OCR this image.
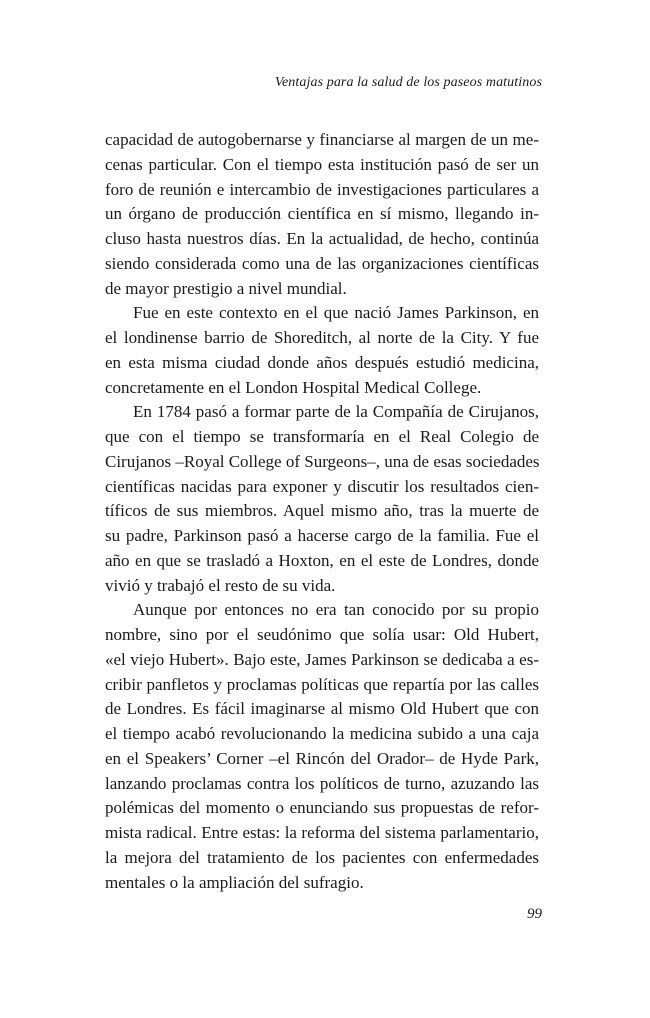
Ventajas para la salud de los paseos matutinos

capacidad de autogobernarse y financiarse al margen de un me-
cenas particular. Con el tiempo esta institución pasó de ser un
foro de reunión e intercambio de investigaciones particulares a
un órgano de producción científica en sí mismo, llegando in-
cluso hasta nuestros días. En la actualidad, de hecho, continúa
siendo considerada como una de las organizaciones científicas
de mayor prestigio a nivel mundial.

Fue en este contexto en el que nació James Parkinson, en
el londinense barrio de Shoreditch, al norte de la City. Y fue
en esta misma ciudad donde años después estudió medicina,
concretamente en el London Hospital Medical College.

En 1784 pasó a formar parte de la Compañía de Cirujanos,
que con el tiempo se transformaría en el Real Colegio de
Cirujanos –Royal College of Surgeons–, una de esas sociedades
científicas nacidas para exponer y discutir los resultados cien-
tíficos de sus miembros. Aquel mismo año, tras la muerte de
su padre, Parkinson pasó a hacerse cargo de la familia. Fue el
año en que se trasladó a Hoxton, en el este de Londres, donde
vivió y trabajó el resto de su vida.

Aunque por entonces no era tan conocido por su propio
nombre, sino por el seudónimo que solía usar: Old Hubert,
«el viejo Hubert». Bajo este, James Parkinson se dedicaba a es-
cribir panfletos y proclamas políticas que repartía por las calles
de Londres. Es fácil imaginarse al mismo Old Hubert que con
el tiempo acabó revolucionando la medicina subido a una caja
en el Speakers’ Corner –el Rincón del Orador– de Hyde Park,
lanzando proclamas contra los políticos de turno, azuzando las
polémicas del momento o enunciando sus propuestas de refor-
mista radical. Entre estas: la reforma del sistema parlamentario,
la mejora del tratamiento de los pacientes con enfermedades
mentales o la ampliación del sufragio.

99
